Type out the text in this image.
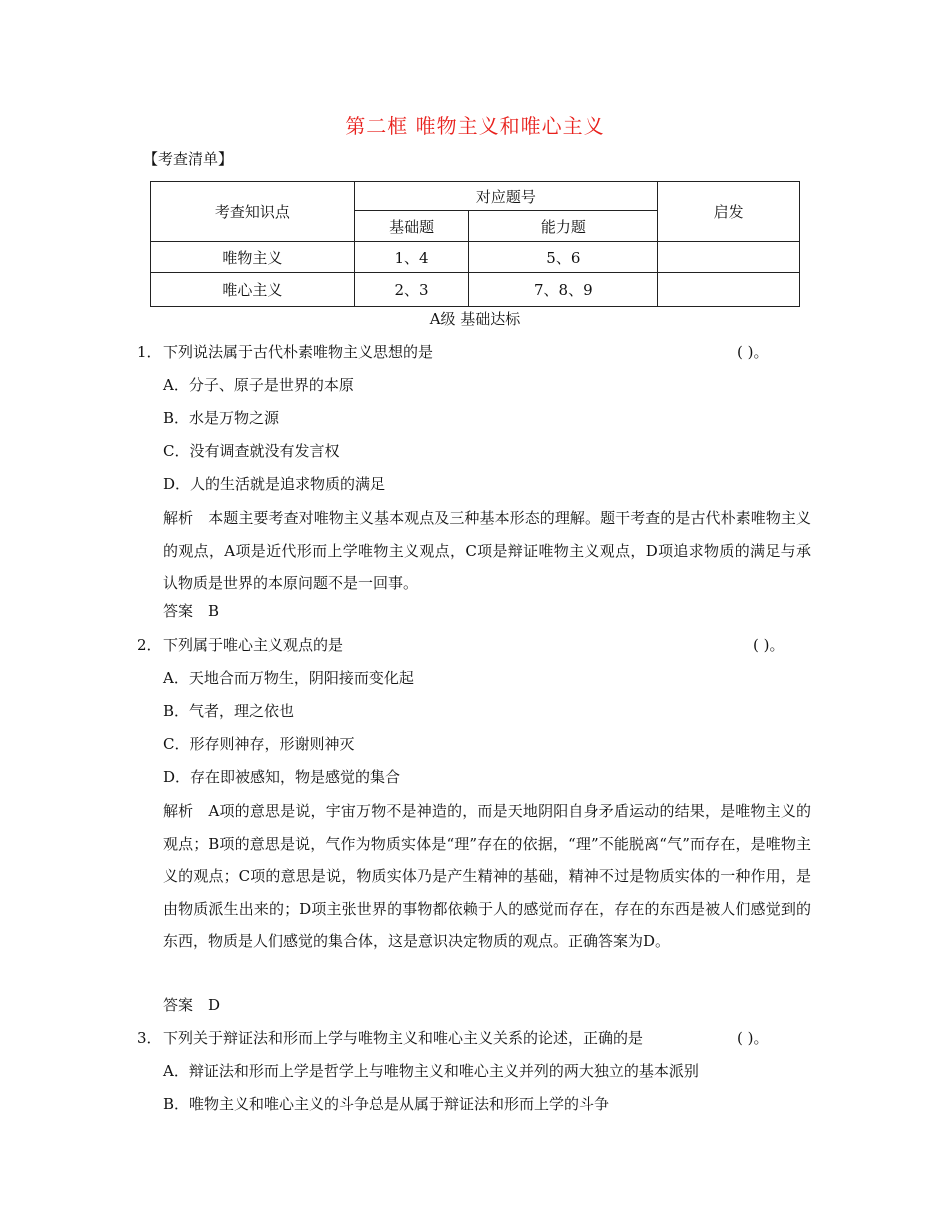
第二框 唯物主义和唯心主义
【考查清单】
考查知识点	对应题号		启发
	基础题	能力题	
唯物主义	1、4	5、6	
唯心主义	2、3	7、8、9	
A级 基础达标
1．下列说法属于古代朴素唯物主义思想的是	( )。
A．分子、原子是世界的本原
B．水是万物之源
C．没有调查就没有发言权
D．人的生活就是追求物质的满足
解析　本题主要考查对唯物主义基本观点及三种基本形态的理解。题干考查的是古代朴素唯物主义的观点，A项是近代形而上学唯物主义观点，C项是辩证唯物主义观点，D项追求物质的满足与承认物质是世界的本原问题不是一回事。
答案　B
2．下列属于唯心主义观点的是	( )。
A．天地合而万物生，阴阳接而变化起
B．气者，理之依也
C．形存则神存，形谢则神灭
D．存在即被感知，物是感觉的集合
解析　A项的意思是说，宇宙万物不是神造的，而是天地阴阳自身矛盾运动的结果，是唯物主义的观点；B项的意思是说，气作为物质实体是“理”存在的依据，“理”不能脱离“气”而存在，是唯物主义的观点；C项的意思是说，物质实体乃是产生精神的基础，精神不过是物质实体的一种作用，是由物质派生出来的；D项主张世界的事物都依赖于人的感觉而存在，存在的东西是被人们感觉到的东西，物质是人们感觉的集合体，这是意识决定物质的观点。正确答案为D。
答案　D
3．下列关于辩证法和形而上学与唯物主义和唯心主义关系的论述，正确的是	( )。
A．辩证法和形而上学是哲学上与唯物主义和唯心主义并列的两大独立的基本派别
B．唯物主义和唯心主义的斗争总是从属于辩证法和形而上学的斗争
